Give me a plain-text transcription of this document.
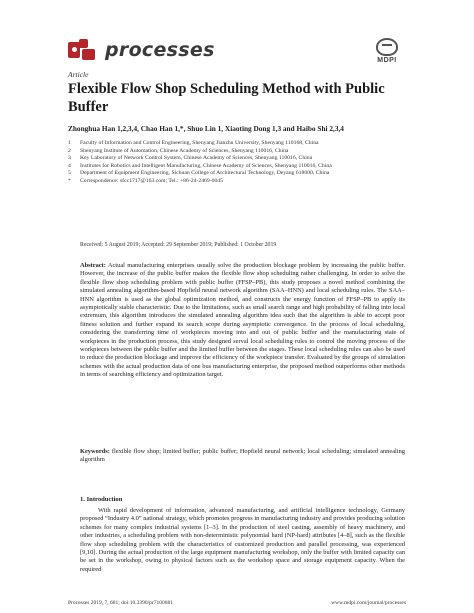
processes	MDPI
Article
Flexible Flow Shop Scheduling Method with Public Buffer
Zhonghua Han 1,2,3,4, Chao Han 1,*, Shuo Lin 1, Xiaoting Dong 1,3 and Haibo Shi 2,3,4
1	Faculty of Information and Control Engineering, Shenyang Jianzhu University, Shenyang 110168, China
2	Shenyang Institute of Automation, Chinese Academy of Sciences, Shenyang 110016, China
3	Key Laboratory of Network Control System, Chinese Academy of Sciences, Shenyang 110016, China
4	Institutes for Robotics and Intelligent Manufacturing, Chinese Academy of Sciences, Shenyang 110016, China
5	Department of Equipment Engineering, Sichuan College of Architectural Technology, Deyang 618000, China
*	Correspondence: sfcc1717@163.com; Tel.: +86-24-2469-0045
Received: 5 August 2019; Accepted: 29 September 2019; Published: 1 October 2019
Abstract: Actual manufacturing enterprises usually solve the production blockage problem by increasing the public buffer. However, the increase of the public buffer makes the flexible flow shop scheduling rather challenging. In order to solve the flexible flow shop scheduling problem with public buffer (FFSP–PB), this study proposes a novel method combining the simulated annealing algorithm-based Hopfield neural network algorithm (SAA–HNN) and local scheduling rules. The SAA–HNN algorithm is used as the global optimization method, and constructs the energy function of FFSP–PB to apply its asymptotically stable characteristic. Due to the limitations, such as small search range and high probability of falling into local extremum, this algorithm introduces the simulated annealing algorithm idea such that the algorithm is able to accept poor fitness solution and further expand its search scope during asymptotic convergence. In the process of local scheduling, considering the transferring time of workpieces moving into and out of public buffer and the manufacturing state of workpieces in the production process, this study designed serval local scheduling rules to control the moving process of the workpieces between the public buffer and the limited buffer between the stages. These local scheduling rules can also be used to reduce the production blockage and improve the efficiency of the workpiece transfer. Evaluated by the groups of simulation schemes with the actual production data of one bus manufacturing enterprise, the proposed method outperforms other methods in terms of searching efficiency and optimization target.
Keywords: flexible flow shop; limited buffer; public buffer; Hopfield neural network; local scheduling; simulated annealing algorithm
1. Introduction
With rapid development of information, advanced manufacturing, and artificial intelligence technology, Germany proposed “Industry 4.0” national strategy, which promotes progress in manufacturing industry and provides producing solution schemes for many complex industrial systems [1–3]. In the production of steel casting, assembly of heavy machinery, and other industries, a scheduling problem with non-deterministic polynomial hard (NP-hard) attributes [4–8], such as the flexible flow shop scheduling problem with the characteristics of customized production and parallel processing, was experienced [9,10]. During the actual production of the large equipment manufacturing workshop, only the buffer with limited capacity can be set in the workshop, owing to physical factors such as the workshop space and storage equipment capacity. When the required
Processes 2019, 7, 681; doi:10.3390/pr7100681	www.mdpi.com/journal/processes
